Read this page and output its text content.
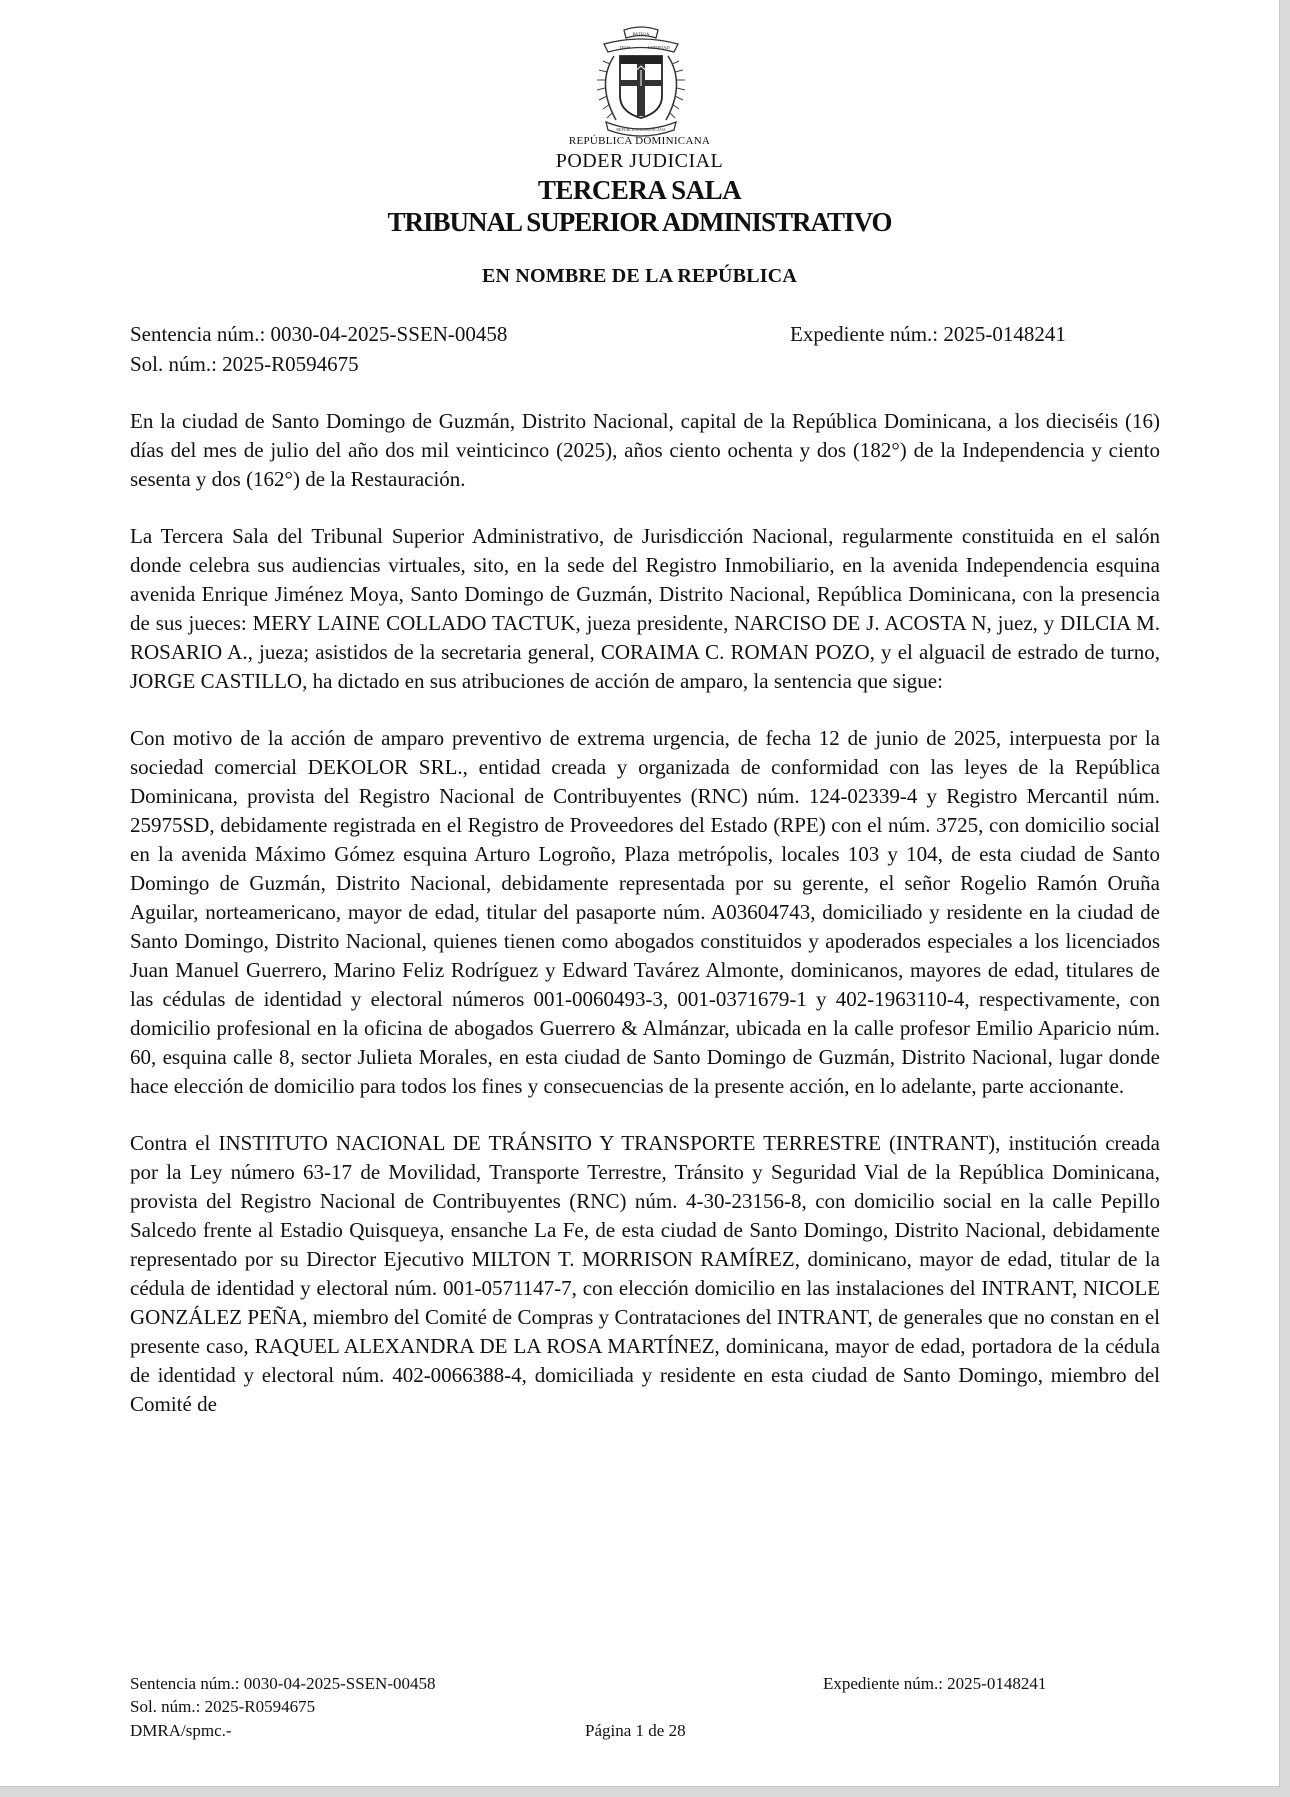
PATRIA
DIOS	LIBERTAD
REPÚBLICA DOMINICANA
REPÚBLICA DOMINICANA
PODER JUDICIAL
TERCERA SALA
TRIBUNAL SUPERIOR ADMINISTRATIVO
EN NOMBRE DE LA REPÚBLICA
Sentencia núm.: 0030-04-2025-SSEN-00458	Expediente núm.: 2025-0148241
Sol. núm.: 2025-R0594675

En la ciudad de Santo Domingo de Guzmán, Distrito Nacional, capital de la República Dominicana, a los dieciséis (16) días del mes de julio del año dos mil veinticinco (2025), años ciento ochenta y dos (182°) de la Independencia y ciento sesenta y dos (162°) de la Restauración.

La Tercera Sala del Tribunal Superior Administrativo, de Jurisdicción Nacional, regularmente constituida en el salón donde celebra sus audiencias virtuales, sito, en la sede del Registro Inmobiliario, en la avenida Independencia esquina avenida Enrique Jiménez Moya, Santo Domingo de Guzmán, Distrito Nacional, República Dominicana, con la presencia de sus jueces: MERY LAINE COLLADO TACTUK, jueza presidente, NARCISO DE J. ACOSTA N, juez, y DILCIA M. ROSARIO A., jueza; asistidos de la secretaria general, CORAIMA C. ROMAN POZO, y el alguacil de estrado de turno, JORGE CASTILLO, ha dictado en sus atribuciones de acción de amparo, la sentencia que sigue:

Con motivo de la acción de amparo preventivo de extrema urgencia, de fecha 12 de junio de 2025, interpuesta por la sociedad comercial DEKOLOR SRL., entidad creada y organizada de conformidad con las leyes de la República Dominicana, provista del Registro Nacional de Contribuyentes (RNC) núm. 124-02339-4 y Registro Mercantil núm. 25975SD, debidamente registrada en el Registro de Proveedores del Estado (RPE) con el núm. 3725, con domicilio social en la avenida Máximo Gómez esquina Arturo Logroño, Plaza metrópolis, locales 103 y 104, de esta ciudad de Santo Domingo de Guzmán, Distrito Nacional, debidamente representada por su gerente, el señor Rogelio Ramón Oruña Aguilar, norteamericano, mayor de edad, titular del pasaporte núm. A03604743, domiciliado y residente en la ciudad de Santo Domingo, Distrito Nacional, quienes tienen como abogados constituidos y apoderados especiales a los licenciados Juan Manuel Guerrero, Marino Feliz Rodríguez y Edward Tavárez Almonte, dominicanos, mayores de edad, titulares de las cédulas de identidad y electoral números 001-0060493-3, 001-0371679-1 y 402-1963110-4, respectivamente, con domicilio profesional en la oficina de abogados Guerrero & Almánzar, ubicada en la calle profesor Emilio Aparicio núm. 60, esquina calle 8, sector Julieta Morales, en esta ciudad de Santo Domingo de Guzmán, Distrito Nacional, lugar donde hace elección de domicilio para todos los fines y consecuencias de la presente acción, en lo adelante, parte accionante.

Contra el INSTITUTO NACIONAL DE TRÁNSITO Y TRANSPORTE TERRESTRE (INTRANT), institución creada por la Ley número 63-17 de Movilidad, Transporte Terrestre, Tránsito y Seguridad Vial de la República Dominicana, provista del Registro Nacional de Contribuyentes (RNC) núm. 4-30-23156-8, con domicilio social en la calle Pepillo Salcedo frente al Estadio Quisqueya, ensanche La Fe, de esta ciudad de Santo Domingo, Distrito Nacional, debidamente representado por su Director Ejecutivo MILTON T. MORRISON RAMÍREZ, dominicano, mayor de edad, titular de la cédula de identidad y electoral núm. 001-0571147-7, con elección domicilio en las instalaciones del INTRANT, NICOLE GONZÁLEZ PEÑA, miembro del Comité de Compras y Contrataciones del INTRANT, de generales que no constan en el presente caso, RAQUEL ALEXANDRA DE LA ROSA MARTÍNEZ, dominicana, mayor de edad, portadora de la cédula de identidad y electoral núm. 402-0066388-4, domiciliada y residente en esta ciudad de Santo Domingo, miembro del Comité de

Sentencia núm.: 0030-04-2025-SSEN-00458	Expediente núm.: 2025-0148241
Sol. núm.: 2025-R0594675
DMRA/spmc.-	Página 1 de 28
